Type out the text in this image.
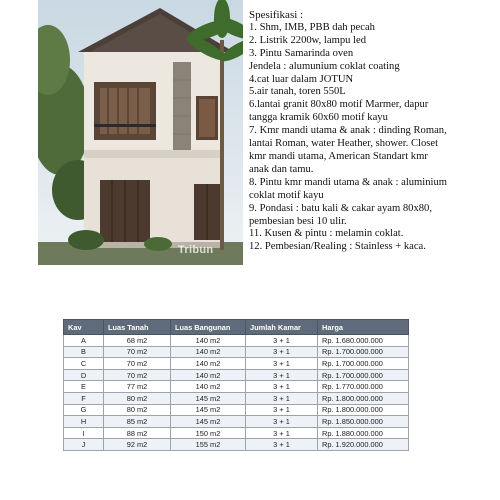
Tribun
Spesifikasi :
1. Shm, IMB, PBB dah pecah
2. Listrik 2200w, lampu led
3. Pintu Samarinda oven
Jendela : alumunium coklat coating
4.cat luar dalam JOTUN
5.air tanah, toren 550L
6.lantai granit 80x80 motif Marmer, dapur
tangga kramik 60x60 motif kayu
7. Kmr mandi utama & anak : dinding Roman,
lantai Roman, water Heather, shower. Closet
kmr mandi utama, American Standart kmr
anak dan tamu.
8. Pintu kmr mandi utama & anak : aluminium
coklat motif kayu
9. Pondasi : batu kali & cakar ayam 80x80,
pembesian besi 10 ulir.
11. Kusen & pintu : melamin coklat.
12. Pembesian/Realing : Stainless + kaca.
Kav	Luas Tanah	Luas Bangunan	Jumlah Kamar	Harga
A	68 m2	140 m2	3 + 1	Rp. 1.680.000.000
B	70 m2	140 m2	3 + 1	Rp. 1.700.000.000
C	70 m2	140 m2	3 + 1	Rp. 1.700.000.000
D	70 m2	140 m2	3 + 1	Rp. 1.700.000.000
E	77 m2	140 m2	3 + 1	Rp. 1.770.000.000
F	80 m2	145 m2	3 + 1	Rp. 1.800.000.000
G	80 m2	145 m2	3 + 1	Rp. 1.800.000.000
H	85 m2	145 m2	3 + 1	Rp. 1.850.000.000
I	88 m2	150 m2	3 + 1	Rp. 1.880.000.000
J	92 m2	155 m2	3 + 1	Rp. 1.920.000.000
